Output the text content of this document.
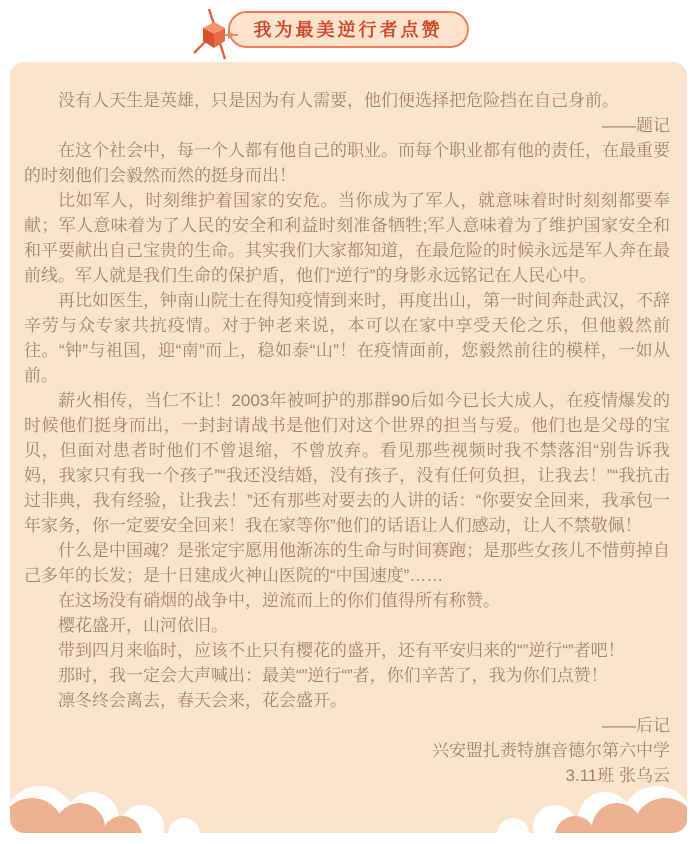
我为最美逆行者点赞

没有人天生是英雄，只是因为有人需要，他们便选择把危险挡在自己身前。

——题记

在这个社会中，每一个人都有他自己的职业。而每个职业都有他的责任，在最重要的时刻他们会毅然而然的挺身而出！

比如军人，时刻维护着国家的安危。当你成为了军人，就意味着时时刻刻都要奉献；军人意味着为了人民的安全和利益时刻准备牺牲;军人意味着为了维护国家安全和和平要献出自己宝贵的生命。其实我们大家都知道，在最危险的时候永远是军人奔在最前线。军人就是我们生命的保护盾，他们“逆行”的身影永远铭记在人民心中。

再比如医生，钟南山院士在得知疫情到来时，再度出山，第一时间奔赴武汉，不辞辛劳与众专家共抗疫情。对于钟老来说，本可以在家中享受天伦之乐，但他毅然前往。“钟”与祖国，迎“南”而上，稳如泰“山”！在疫情面前，您毅然前往的模样，一如从前。

薪火相传，当仁不让！2003年被呵护的那群90后如今已长大成人，在疫情爆发的时候他们挺身而出，一封封请战书是他们对这个世界的担当与爱。他们也是父母的宝贝，但面对患者时他们不曾退缩，不曾放弃。看见那些视频时我不禁落泪“别告诉我妈，我家只有我一个孩子”“我还没结婚，没有孩子，没有任何负担，让我去！”“我抗击过非典，我有经验，让我去！”还有那些对要去的人讲的话：“你要安全回来，我承包一年家务，你一定要安全回来！我在家等你”他们的话语让人们感动，让人不禁敬佩！

什么是中国魂？是张定宇愿用他渐冻的生命与时间赛跑；是那些女孩儿不惜剪掉自己多年的长发；是十日建成火神山医院的“中国速度”……

在这场没有硝烟的战争中，逆流而上的你们值得所有称赞。

樱花盛开，山河依旧。

带到四月来临时，应该不止只有樱花的盛开，还有平安归来的“”逆行“”者吧！

那时，我一定会大声喊出：最美“”逆行“”者，你们辛苦了，我为你们点赞！

凛冬终会离去，春天会来，花会盛开。

——后记

兴安盟扎赉特旗音德尔第六中学

3.11班 张乌云
